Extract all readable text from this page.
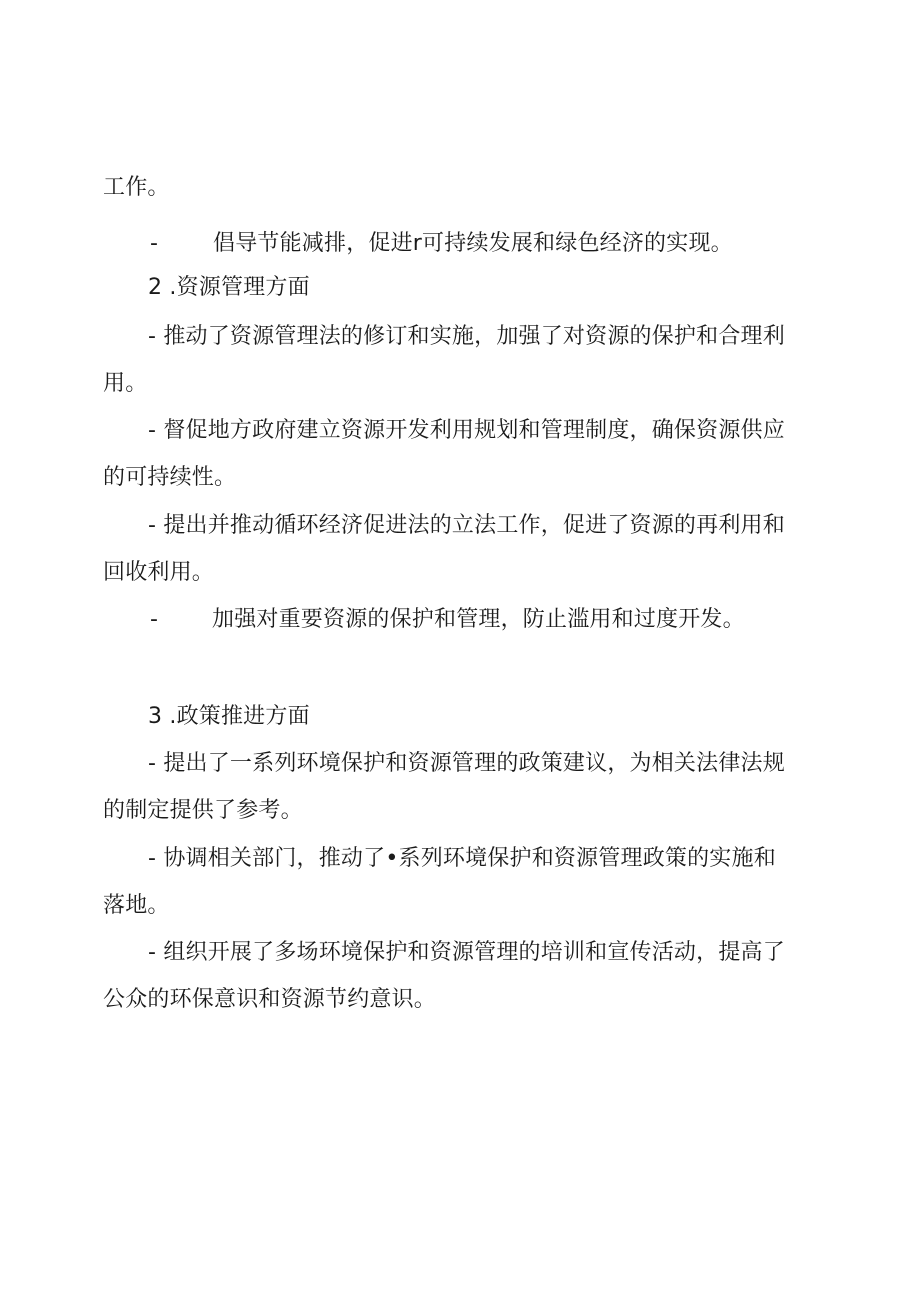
工作。
- 倡导节能减排，促进r可持续发展和绿色经济的实现。
2 .资源管理方面
- 推动了资源管理法的修订和实施，加强了对资源的保护和合理利
用。
- 督促地方政府建立资源开发利用规划和管理制度，确保资源供应
的可持续性。
- 提出并推动循环经济促进法的立法工作，促进了资源的再利用和
回收利用。
- 加强对重要资源的保护和管理，防止滥用和过度开发。
3 .政策推进方面
- 提出了一系列环境保护和资源管理的政策建议，为相关法律法规
的制定提供了参考。
- 协调相关部门，推动了•系列环境保护和资源管理政策的实施和
落地。
- 组织开展了多场环境保护和资源管理的培训和宣传活动，提高了
公众的环保意识和资源节约意识。
